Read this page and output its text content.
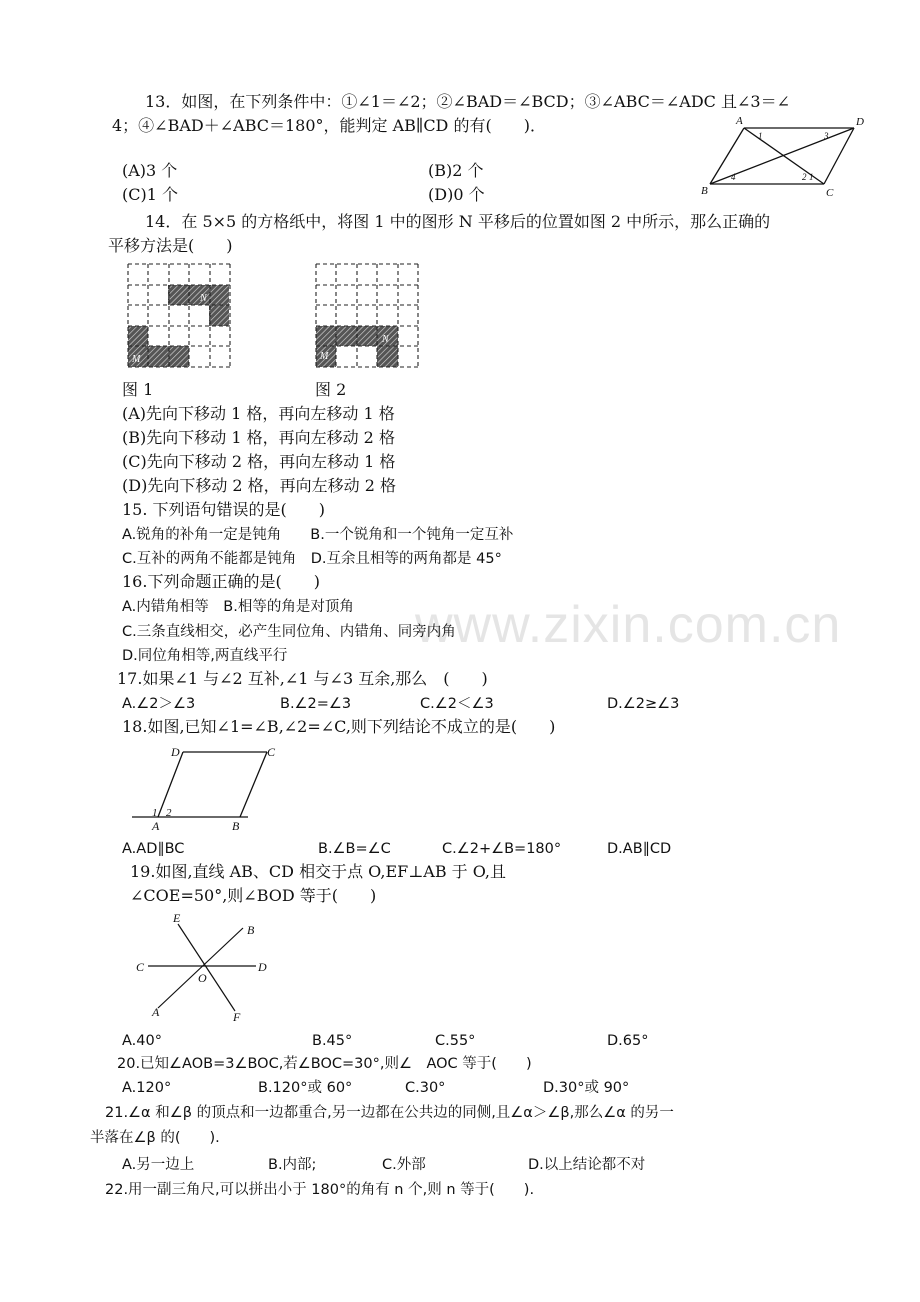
www.zixin.com.cn
13．如图，在下列条件中：①∠1＝∠2；②∠BAD＝∠BCD；③∠ABC＝∠ADC 且∠3＝∠
4；④∠BAD＋∠ABC＝180°，能判定 AB∥CD 的有(　　)．
(A)3 个	(B)2 个
(C)1 个	(D)0 个
A	D
B	C
1	3
4	2 1
14．在 5×5 的方格纸中，将图 1 中的图形 N 平移后的位置如图 2 中所示，那么正确的
平移方法是(　　)
N
M
N
M
图 1	图 2
(A)先向下移动 1 格，再向左移动 1 格
(B)先向下移动 1 格，再向左移动 2 格
(C)先向下移动 2 格，再向左移动 1 格
(D)先向下移动 2 格，再向左移动 2 格
15. 下列语句错误的是(　　)
A.锐角的补角一定是钝角　　B.一个锐角和一个钝角一定互补
C.互补的两角不能都是钝角　D.互余且相等的两角都是 45°
16.下列命题正确的是(　　)
A.内错角相等　B.相等的角是对顶角
C.三条直线相交，必产生同位角、内错角、同旁内角
D.同位角相等,两直线平行
17.如果∠1 与∠2 互补,∠1 与∠3 互余,那么　(　　)
A.∠2＞∠3	B.∠2=∠3	C.∠2＜∠3	D.∠2≥∠3
18.如图,已知∠1=∠B,∠2=∠C,则下列结论不成立的是(　　)
D	C
1 2
A	B
A.AD∥BC	B.∠B=∠C	C.∠2+∠B=180°	D.AB∥CD
19.如图,直线 AB、CD 相交于点 O,EF⊥AB 于 O,且
∠COE=50°,则∠BOD 等于(　　)
E
B
C
O
D
A	F
A.40°	B.45°	C.55°	D.65°
20.已知∠AOB=3∠BOC,若∠BOC=30°,则∠　AOC 等于(　　)
A.120°	B.120°或 60°	C.30°	D.30°或 90°
21.∠α 和∠β 的顶点和一边都重合,另一边都在公共边的同侧,且∠α＞∠β,那么∠α 的另一
半落在∠β 的(　　).
A.另一边上	B.内部;	C.外部	D.以上结论都不对
22.用一副三角尺,可以拼出小于 180°的角有 n 个,则 n 等于(　　).
